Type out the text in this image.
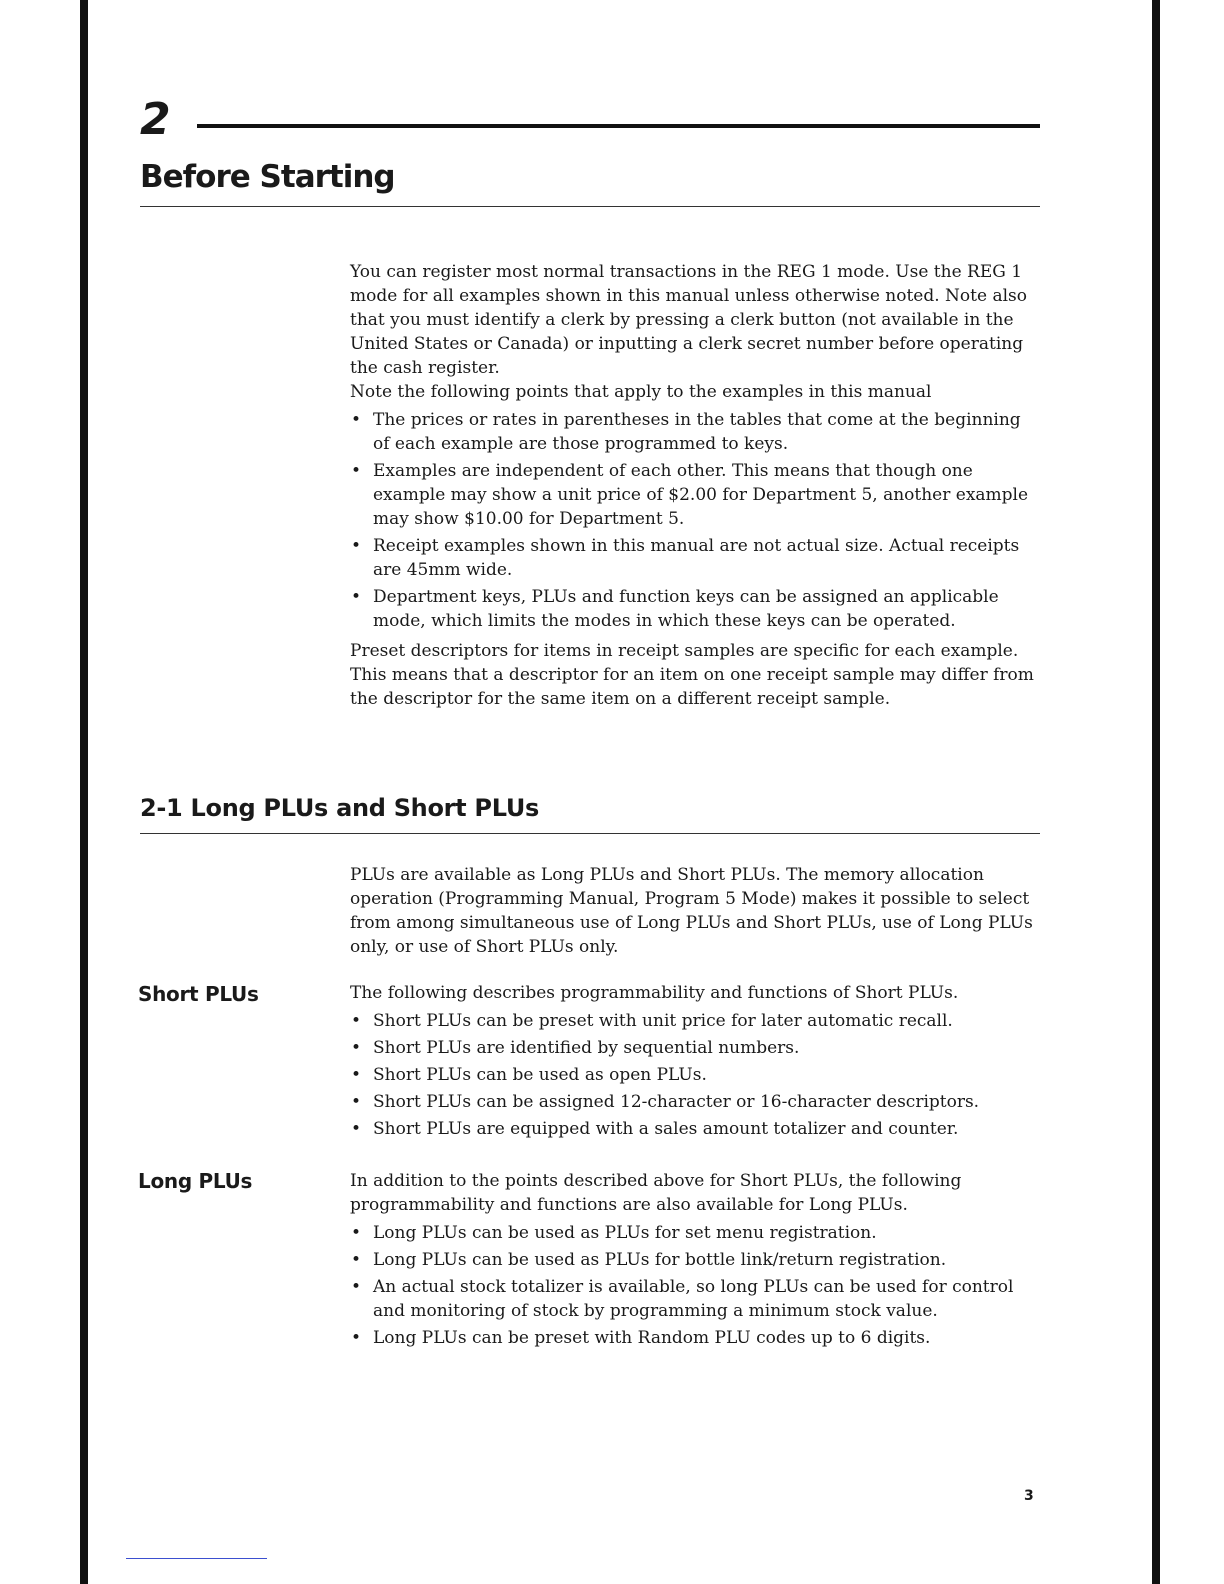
2
Before Starting

You can register most normal transactions in the REG 1 mode. Use the REG 1 mode for all examples shown in this manual unless otherwise noted. Note also that you must identify a clerk by pressing a clerk button (not available in the United States or Canada) or inputting a clerk secret number before operating the cash register.

Note the following points that apply to the examples in this manual

• The prices or rates in parentheses in the tables that come at the beginning of each example are those programmed to keys.
• Examples are independent of each other. This means that though one example may show a unit price of $2.00 for Department 5, another example may show $10.00 for Department 5.
• Receipt examples shown in this manual are not actual size. Actual receipts are 45mm wide.
• Department keys, PLUs and function keys can be assigned an applicable mode, which limits the modes in which these keys can be operated.

Preset descriptors for items in receipt samples are specific for each example. This means that a descriptor for an item on one receipt sample may differ from the descriptor for the same item on a different receipt sample.

2-1 Long PLUs and Short PLUs

PLUs are available as Long PLUs and Short PLUs. The memory allocation operation (Programming Manual, Program 5 Mode) makes it possible to select from among simultaneous use of Long PLUs and Short PLUs, use of Long PLUs only, or use of Short PLUs only.

Short PLUs	The following describes programmability and functions of Short PLUs.

• Short PLUs can be preset with unit price for later automatic recall.
• Short PLUs are identified by sequential numbers.
• Short PLUs can be used as open PLUs.
• Short PLUs can be assigned 12-character or 16-character descriptors.
• Short PLUs are equipped with a sales amount totalizer and counter.
Long PLUs	In addition to the points described above for Short PLUs, the following programmability and functions are also available for Long PLUs.

• Long PLUs can be used as PLUs for set menu registration.
• Long PLUs can be used as PLUs for bottle link/return registration.
• An actual stock totalizer is available, so long PLUs can be used for control and monitoring of stock by programming a minimum stock value.
• Long PLUs can be preset with Random PLU codes up to 6 digits.
3
